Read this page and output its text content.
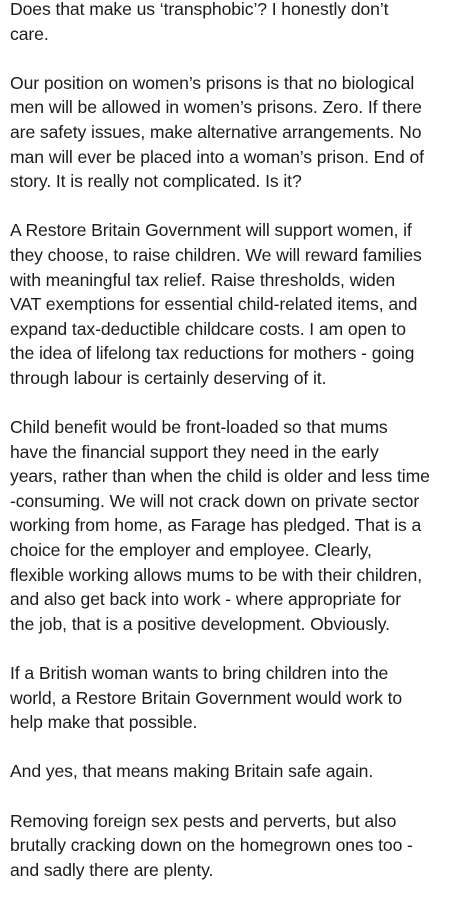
Does that make us ‘transphobic’? I honestly don’t
care.

Our position on women’s prisons is that no biological
men will be allowed in women’s prisons. Zero. If there
are safety issues, make alternative arrangements. No
man will ever be placed into a woman’s prison. End of
story. It is really not complicated. Is it?

A Restore Britain Government will support women, if
they choose, to raise children. We will reward families
with meaningful tax relief. Raise thresholds, widen
VAT exemptions for essential child-related items, and
expand tax-deductible childcare costs. I am open to
the idea of lifelong tax reductions for mothers - going
through labour is certainly deserving of it.

Child benefit would be front-loaded so that mums
have the financial support they need in the early
years, rather than when the child is older and less time
-consuming. We will not crack down on private sector
working from home, as Farage has pledged. That is a
choice for the employer and employee. Clearly,
flexible working allows mums to be with their children,
and also get back into work - where appropriate for
the job, that is a positive development. Obviously.

If a British woman wants to bring children into the
world, a Restore Britain Government would work to
help make that possible.

And yes, that means making Britain safe again.

Removing foreign sex pests and perverts, but also
brutally cracking down on the homegrown ones too -
and sadly there are plenty.
